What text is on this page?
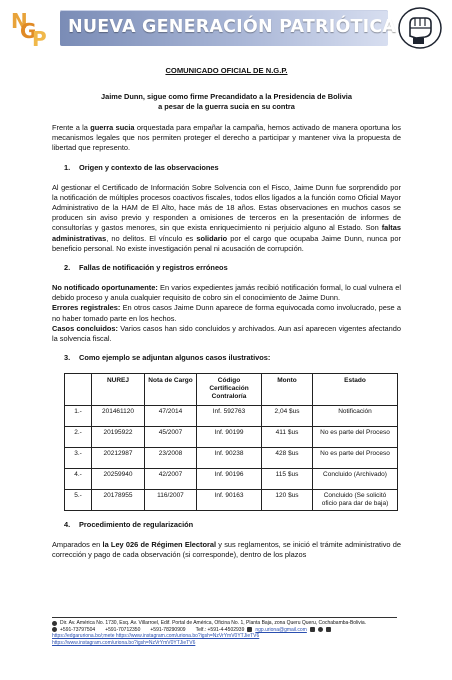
N
G
P NUEVA GENERACIÓN PATRIÓTICA
COMUNICADO OFICIAL DE N.G.P.
Jaime Dunn, sigue como firme Precandidato a la Presidencia de Bolivia
a pesar de la guerra sucia en su contra

Frente a la guerra sucia orquestada para empañar la campaña, hemos activado de manera oportuna los mecanismos legales que nos permiten proteger el derecho a participar y mantener viva la propuesta de libertad que represento.

1. Origen y contexto de las observaciones

Al gestionar el Certificado de Información Sobre Solvencia con el Fisco, Jaime Dunn fue sorprendido por la notificación de múltiples procesos coactivos fiscales, todos ellos ligados a la función como Oficial Mayor Administrativo de la HAM de El Alto, hace más de 18 años. Estas observaciones en muchos casos se producen sin aviso previo y responden a omisiones de terceros en la presentación de informes de consultorías y gastos menores, sin que exista enriquecimiento ni perjuicio alguno al Estado. Son faltas administrativas, no delitos. El vínculo es solidario por el cargo que ocupaba Jaime Dunn, nunca por beneficio personal. No existe investigación penal ni acusación de corrupción.

2. Fallas de notificación y registros erróneos

No notificado oportunamente: En varios expedientes jamás recibió notificación formal, lo cual vulnera el debido proceso y anula cualquier requisito de cobro sin el conocimiento de Jaime Dunn.

Errores registrales: En otros casos Jaime Dunn aparece de forma equivocada como involucrado, pese a no haber tomado parte en los hechos.

Casos concluidos: Varios casos han sido concluidos y archivados. Aun así aparecen vigentes afectando la solvencia fiscal.

3. Como ejemplo se adjuntan algunos casos ilustrativos:
	NUREJ	Nota de Cargo	Código Certificación Contraloría	Monto	Estado
1.-	201461120	47/2014	Inf. 592763	2,04 $us	Notificación
2.-	20195922	45/2007	Inf. 90199	411 $us	No es parte del Proceso
3.-	20212987	23/2008	Inf. 90238	428 $us	No es parte del Proceso
4.-	20259940	42/2007	Inf. 90196	115 $us	Concluido (Archivado)
5.-	20178955	116/2007	Inf. 90163	120 $us	Concluido (Se solicitó oficio para dar de baja)
4. Procedimiento de regularización

Amparados en la Ley 026 de Régimen Electoral y sus reglamentos, se inició el trámite administrativo de corrección y pago de cada observación (si corresponde), dentro de los plazos

Dir. Av. América No. 1730, Esq. Av. Villarroel, Edif. Portal de América, Oficina No. 1, Planta Baja, zona Queru Queru, Cochabamba-Bolivia.
+591-73797504 +591-70712350 +591-78290909 Telf.: +591-4-4502939 ngp.uriona@gmail.com
https://edgaruriona.bo/;mete https://www.instagram.com/uriona.bo?igsh=NzVrYmV0YTJieTV6
https://www.instagram.com/uriona.bo?igsh=NzVrYmV0YTJieTV6
